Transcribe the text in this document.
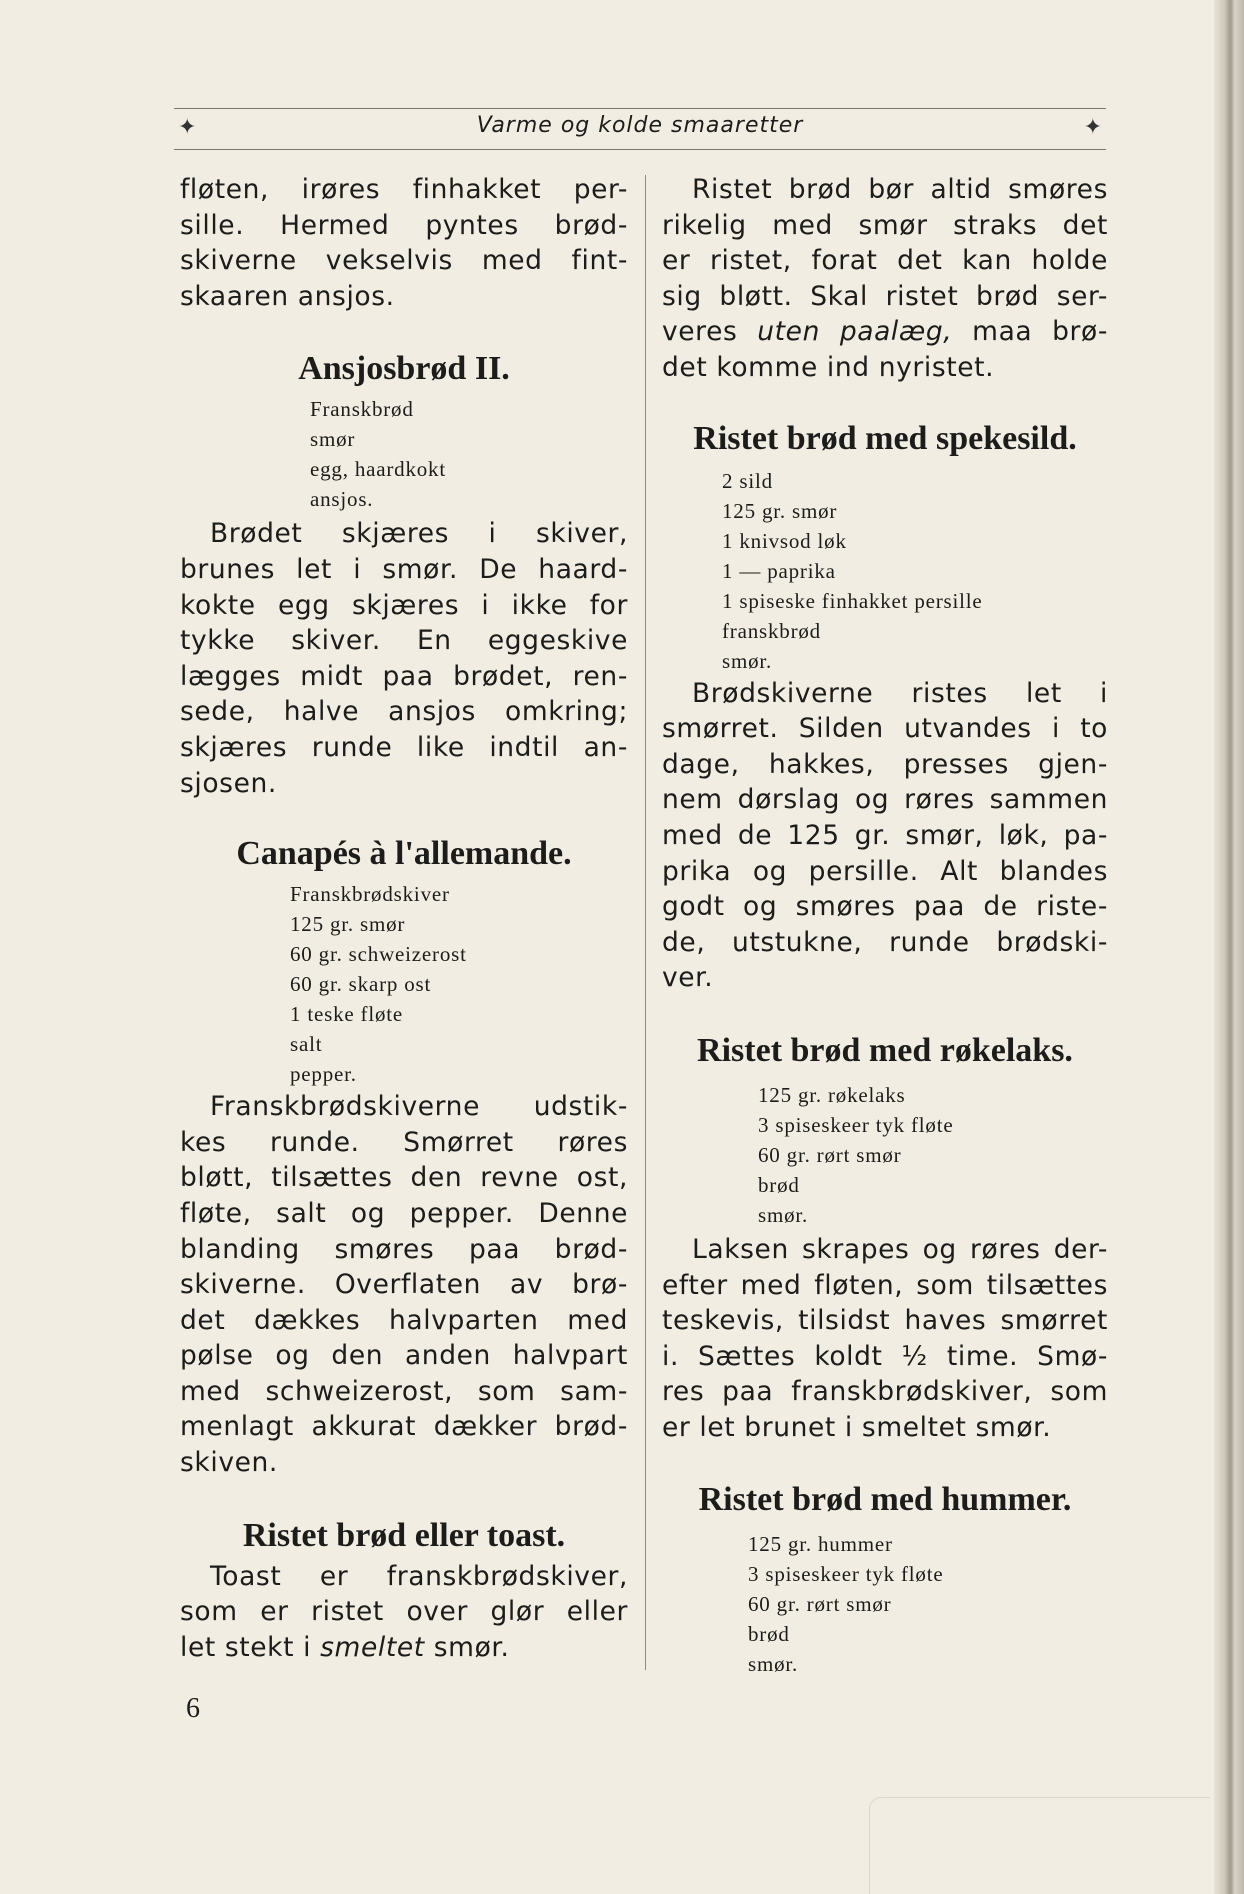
✦	Varme og kolde smaaretter	✦

fløten, irøres finhakket per-
sille. Hermed pyntes brød-
skiverne vekselvis med fint-
skaaren ansjos.

Ansjosbrød II.
Franskbrød
smør
egg, haardkokt
ansjos.

Brødet skjæres i skiver,
brunes let i smør. De haard-
kokte egg skjæres i ikke for
tykke skiver. En eggeskive
lægges midt paa brødet, ren-
sede, halve ansjos omkring;
skjæres runde like indtil an-
sjosen.

Canapés à l'allemande.
Franskbrødskiver
125 gr. smør
60 gr. schweizerost
60 gr. skarp ost
1 teske fløte
salt
pepper.

Franskbrødskiverne udstik-
kes runde. Smørret røres
bløtt, tilsættes den revne ost,
fløte, salt og pepper. Denne
blanding smøres paa brød-
skiverne. Overflaten av brø-
det dækkes halvparten med
pølse og den anden halvpart
med schweizerost, som sam-
menlagt akkurat dækker brød-
skiven.

Ristet brød eller toast.

Toast er franskbrødskiver,
som er ristet over glør eller
let stekt i smeltet smør.

6

Ristet brød bør altid smøres
rikelig med smør straks det
er ristet, forat det kan holde
sig bløtt. Skal ristet brød ser-
veres uten paalæg, maa brø-
det komme ind nyristet.

Ristet brød med spekesild.
2 sild
125 gr. smør
1 knivsod løk
1 — paprika
1 spiseske finhakket persille
franskbrød
smør.

Brødskiverne ristes let i
smørret. Silden utvandes i to
dage, hakkes, presses gjen-
nem dørslag og røres sammen
med de 125 gr. smør, løk, pa-
prika og persille. Alt blandes
godt og smøres paa de riste-
de, utstukne, runde brødski-
ver.

Ristet brød med røkelaks.
125 gr. røkelaks
3 spiseskeer tyk fløte
60 gr. rørt smør
brød
smør.

Laksen skrapes og røres der-
efter med fløten, som tilsættes
teskevis, tilsidst haves smørret
i. Sættes koldt ½ time. Smø-
res paa franskbrødskiver, som
er let brunet i smeltet smør.

Ristet brød med hummer.
125 gr. hummer
3 spiseskeer tyk fløte
60 gr. rørt smør
brød
smør.
